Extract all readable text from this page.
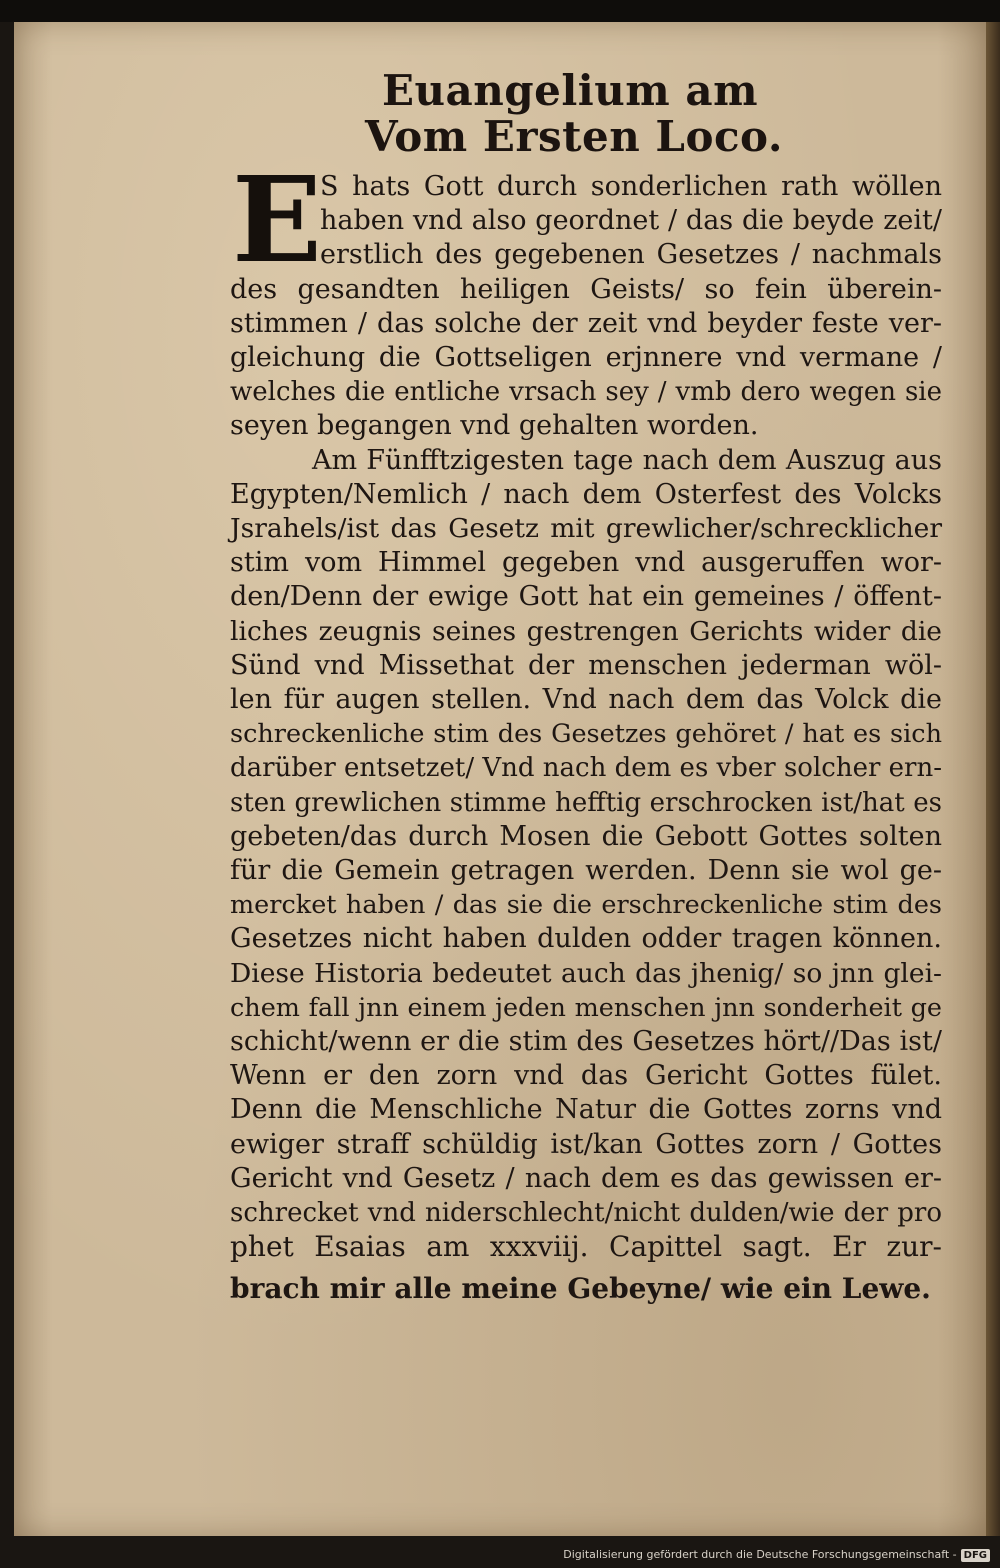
Euangelium am
Vom Ersten Loco.
E
S hats Gott durch sonderlichen rath wöllen
haben vnd also geordnet / das die beyde zeit/
erstlich des gegebenen Gesetzes / nachmals
des gesandten heiligen Geists/ so fein überein-
stimmen / das solche der zeit vnd beyder feste ver-
gleichung die Gottseligen erjnnere vnd vermane /
welches die entliche vrsach sey / vmb dero wegen sie
seyen begangen vnd gehalten worden.
Am Fünfftzigesten tage nach dem Auszug aus
Egypten/Nemlich / nach dem Osterfest des Volcks
Jsrahels/ist das Gesetz mit grewlicher/schrecklicher
stim vom Himmel gegeben vnd ausgeruffen wor-
den/Denn der ewige Gott hat ein gemeines / öffent-
liches zeugnis seines gestrengen Gerichts wider die
Sünd vnd Missethat der menschen jederman wöl-
len für augen stellen. Vnd nach dem das Volck die
schreckenliche stim des Gesetzes gehöret / hat es sich
darüber entsetzet/ Vnd nach dem es vber solcher ern-
sten grewlichen stimme hefftig erschrocken ist/hat es
gebeten/das durch Mosen die Gebott Gottes solten
für die Gemein getragen werden. Denn sie wol ge-
mercket haben / das sie die erschreckenliche stim des
Gesetzes nicht haben dulden odder tragen können.
Diese Historia bedeutet auch das jhenig/ so jnn glei-
chem fall jnn einem jeden menschen jnn sonderheit ge
schicht/wenn er die stim des Gesetzes hört//Das ist/
Wenn er den zorn vnd das Gericht Gottes fület.
Denn die Menschliche Natur die Gottes zorns vnd
ewiger straff schüldig ist/kan Gottes zorn / Gottes
Gericht vnd Gesetz / nach dem es das gewissen er-
schrecket vnd niderschlecht/nicht dulden/wie der pro
phet Esaias am xxxviij. Capittel sagt. Er zur-
brach mir alle meine Gebeyne/ wie ein Lewe.
Digitalisierung gefördert durch die Deutsche Forschungsgemeinschaft - DFG
